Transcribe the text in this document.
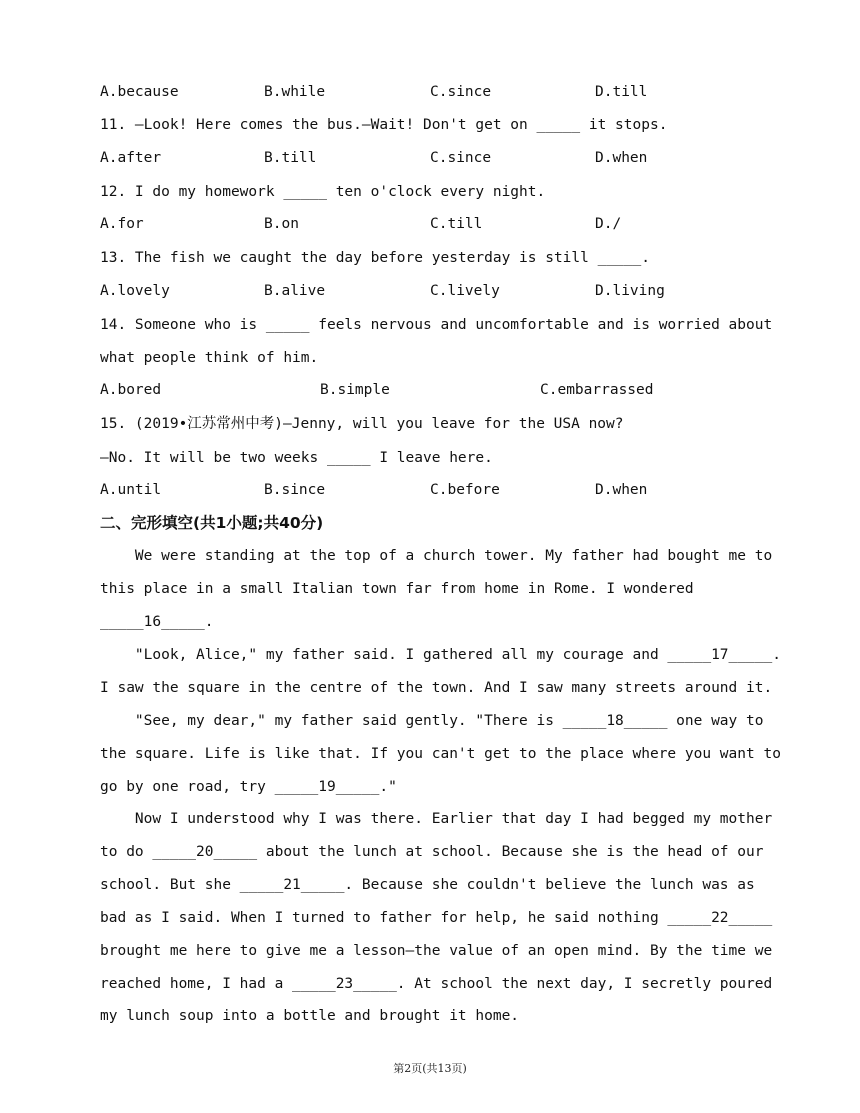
A.because	B.while	C.since	D.till
11. —Look! Here comes the bus.—Wait! Don't get on _____ it stops.
A.after	B.till	C.since	D.when
12. I do my homework _____ ten o'clock every night.
A.for	B.on	C.till	D./
13. The fish we caught the day before yesterday is still _____.
A.lovely	B.alive	C.lively	D.living
14. Someone who is _____ feels nervous and uncomfortable and is worried about
what people think of him.
A.bored	B.simple	C.embarrassed
15. (2019•江苏常州中考)—Jenny, will you leave for the USA now?
—No. It will be two weeks _____ I leave here.
A.until	B.since	C.before	D.when
二、完形填空(共1小题;共40分)
We were standing at the top of a church tower. My father had bought me to
this place in a small Italian town far from home in Rome. I wondered
_____16_____.
"Look, Alice," my father said. I gathered all my courage and _____17_____.
I saw the square in the centre of the town. And I saw many streets around it.
"See, my dear," my father said gently. "There is _____18_____ one way to
the square. Life is like that. If you can't get to the place where you want to
go by one road, try _____19_____."
Now I understood why I was there. Earlier that day I had begged my mother
to do _____20_____ about the lunch at school. Because she is the head of our
school. But she _____21_____. Because she couldn't believe the lunch was as
bad as I said. When I turned to father for help, he said nothing _____22_____
brought me here to give me a lesson—the value of an open mind. By the time we
reached home, I had a _____23_____. At school the next day, I secretly poured
my lunch soup into a bottle and brought it home.
第2页(共13页)
